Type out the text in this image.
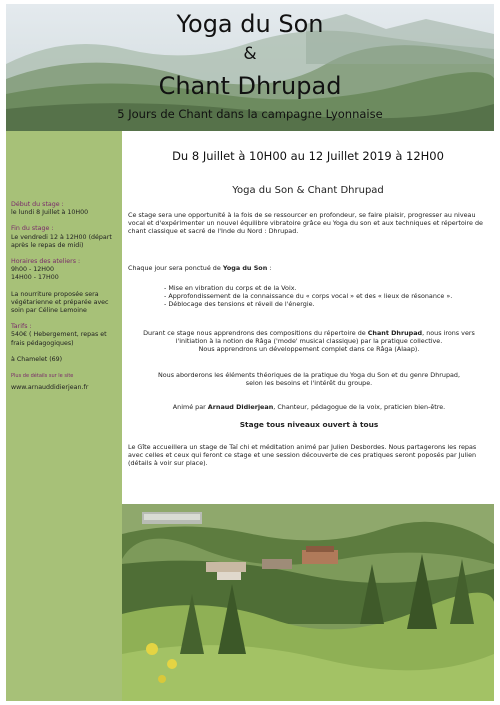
Yoga du Son
&
Chant Dhrupad
5 Jours de Chant dans la campagne Lyonnaise
Début du stage :
le lundi 8 Juillet à 10H00
Fin du stage :
Le vendredi 12 à 12H00 (départ après le repas de midi)
Horaires des ateliers :
9h00 - 12H00
14H00 - 17H00
La nourriture proposée sera végétarienne et préparée avec soin par Céline Lemoine
Tarifs :
540€ ( Hebergement, repas et frais pédagogiques)
à Chamelet (69)
Plus de détails sur le site
www.arnauddidierjean.fr
Du 8 Juillet à 10H00 au 12 Juillet 2019 à 12H00
Yoga du Son & Chant Dhrupad
Ce stage sera une opportunité à la fois de se ressourcer en profondeur, se faire plaisir, progresser au niveau vocal et d'expérimenter un nouvel équilibre vibratoire grâce eu Yoga du son et aux techniques et répertoire de chant classique et sacré de l'Inde du Nord : Dhrupad.
Chaque jour sera ponctué de Yoga du Son :
- Mise en vibration du corps et de la Voix.
- Approfondissement de la connaissance du « corps vocal » et des « lieux de résonance ».
- Déblocage des tensions et réveil de l'énergie.
Durant ce stage nous apprendrons des compositions du répertoire de Chant Dhrupad, nous irons vers l'initiation à la notion de Râga ('mode' musical classique) par la pratique collective.
Nous apprendrons un développement complet dans ce Râga (Alaap).
Nous aborderons les éléments théoriques de la pratique du Yoga du Son et du genre Dhrupad,
selon les besoins et l'intérêt du groupe.
Animé par Arnaud Didierjean, Chanteur, pédagogue de la voix, praticien bien-être.
Stage tous niveaux ouvert à tous
Le Gîte accueillera un stage de Taï chi et méditation animé par Julien Desbordes. Nous partagerons les repas avec celles et ceux qui feront ce stage et une session découverte de ces pratiques seront poposés par Julien (détails à voir sur place).
